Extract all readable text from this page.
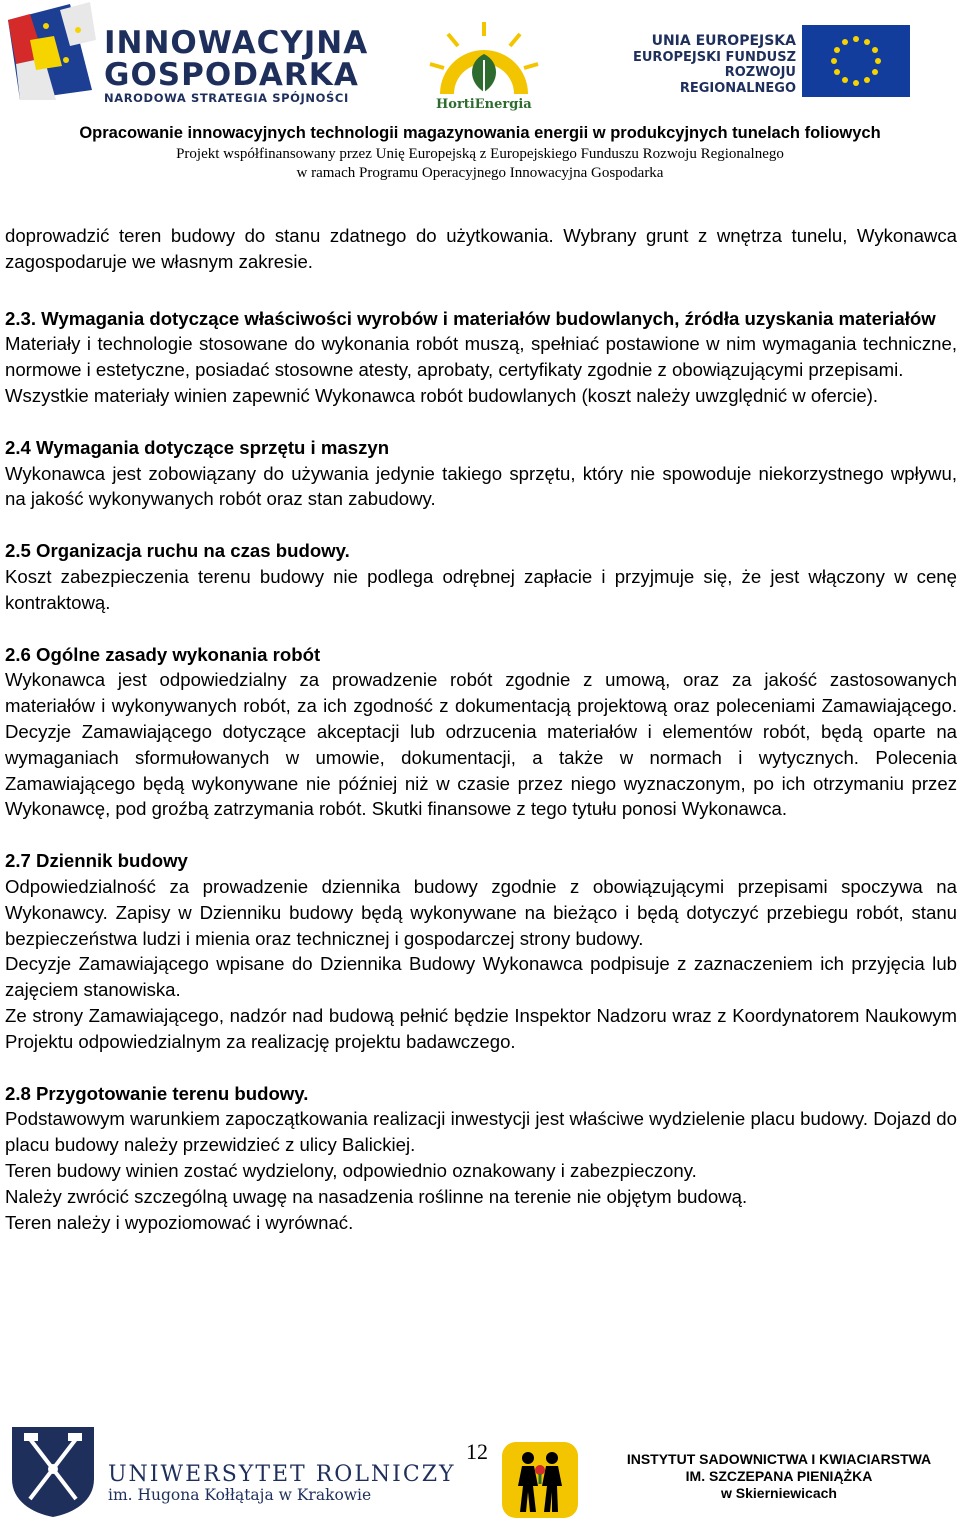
INNOWACYJNA
GOSPODARKA
NARODOWA STRATEGIA SPÓJNOŚCI	HortiEnergia
UNIA EUROPEJSKA
EUROPEJSKI FUNDUSZ
ROZWOJU REGIONALNEGO
Opracowanie innowacyjnych technologii magazynowania energii w produkcyjnych tunelach foliowych
Projekt współfinansowany przez Unię Europejską z Europejskiego Funduszu Rozwoju Regionalnego
w ramach Programu Operacyjnego Innowacyjna Gospodarka

doprowadzić teren budowy do stanu zdatnego do użytkowania. Wybrany grunt z wnętrza tunelu, Wykonawca zagospodaruje we własnym zakresie.

2.3. Wymagania dotyczące właściwości wyrobów i materiałów budowlanych, źródła uzyskania materiałów

Materiały i technologie stosowane do wykonania robót muszą, spełniać postawione w nim wymagania techniczne, normowe i estetyczne, posiadać stosowne atesty, aprobaty, certyfikaty zgodnie z obowiązującymi przepisami.

Wszystkie materiały winien zapewnić Wykonawca robót budowlanych (koszt należy uwzględnić w ofercie).

2.4 Wymagania dotyczące sprzętu i maszyn

Wykonawca jest zobowiązany do używania jedynie takiego sprzętu, który nie spowoduje niekorzystnego wpływu, na jakość wykonywanych robót oraz stan zabudowy.

2.5 Organizacja ruchu na czas budowy.

Koszt zabezpieczenia terenu budowy nie podlega odrębnej zapłacie i przyjmuje się, że jest włączony w cenę kontraktową.

2.6 Ogólne zasady wykonania robót

Wykonawca jest odpowiedzialny za prowadzenie robót zgodnie z umową, oraz za jakość zastosowanych materiałów i wykonywanych robót, za ich zgodność z dokumentacją projektową oraz poleceniami Zamawiającego. Decyzje Zamawiającego dotyczące akceptacji lub odrzucenia materiałów i elementów robót, będą oparte na wymaganiach sformułowanych w umowie, dokumentacji, a także w normach i wytycznych. Polecenia Zamawiającego będą wykonywane nie później niż w czasie przez niego wyznaczonym, po ich otrzymaniu przez Wykonawcę, pod groźbą zatrzymania robót. Skutki finansowe z tego tytułu ponosi Wykonawca.

2.7 Dziennik budowy

Odpowiedzialność za prowadzenie dziennika budowy zgodnie z obowiązującymi przepisami spoczywa na Wykonawcy. Zapisy w Dzienniku budowy będą wykonywane na bieżąco i będą dotyczyć przebiegu robót, stanu bezpieczeństwa ludzi i mienia oraz technicznej i gospodarczej strony budowy.

Decyzje Zamawiającego wpisane do Dziennika Budowy Wykonawca podpisuje z zaznaczeniem ich przyjęcia lub zajęciem stanowiska.

Ze strony Zamawiającego, nadzór nad budową pełnić będzie Inspektor Nadzoru wraz z Koordynatorem Naukowym Projektu odpowiedzialnym za realizację projektu badawczego.

2.8 Przygotowanie terenu budowy.

Podstawowym warunkiem zapoczątkowania realizacji inwestycji jest właściwe wydzielenie placu budowy. Dojazd do placu budowy należy przewidzieć z ulicy Balickiej.

Teren budowy winien zostać wydzielony, odpowiednio oznakowany i zabezpieczony.

Należy zwrócić szczególną uwagę na nasadzenia roślinne na terenie nie objętym budową.

Teren należy i wypoziomować i wyrównać.

UNIWERSYTET ROLNICZY
im. Hugona Kołłątaja w Krakowie
12	INSTYTUT SADOWNICTWA I KWIACIARSTWA
IM. SZCZEPANA PIENIĄŻKA
w Skierniewicach
